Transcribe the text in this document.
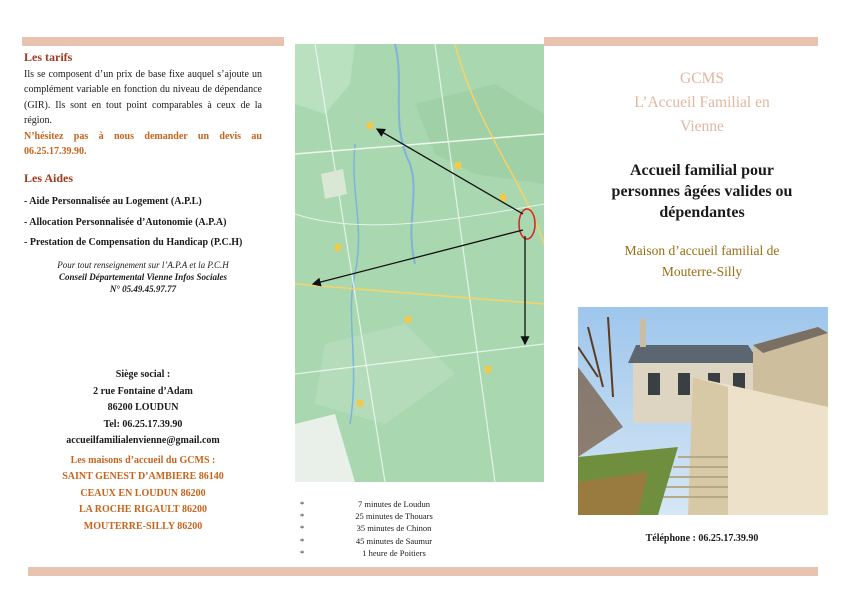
Les tarifs

Ils se composent d’un prix de base fixe auquel s’ajoute un complément variable en fonction du niveau de dépendance (GIR). Ils sont en tout point comparables à ceux de la région.

N’hésitez pas à nous demander un devis au 06.25.17.39.90.

Les Aides
- Aide Personnalisée au Logement (A.P.L)
- Allocation Personnalisée d’Autonomie (A.P.A)
- Prestation de Compensation du Handicap (P.C.H)
Pour tout renseignement sur l’A.P.A et la P.C.H
Conseil Départemental Vienne Infos Sociales
N° 05.49.45.97.77
Siège social :
2 rue Fontaine d’Adam
86200 LOUDUN
Tel: 06.25.17.39.90
accueilfamilialenvienne@gmail.com
Les maisons d’accueil du GCMS :
SAINT GENEST D’AMBIERE 86140
CEAUX EN LOUDUN 86200
LA ROCHE RIGAULT 86200
MOUTERRE-SILLY 86200
*	7 minutes de Loudun
*	25 minutes de Thouars
*	35 minutes de Chinon
*	45 minutes de Saumur
*	1 heure de Poitiers
GCMS
L’Accueil Familial en
Vienne
Accueil familial pour
personnes âgées valides ou
dépendantes
Maison d’accueil familial de
Mouterre-Silly
Téléphone : 06.25.17.39.90
